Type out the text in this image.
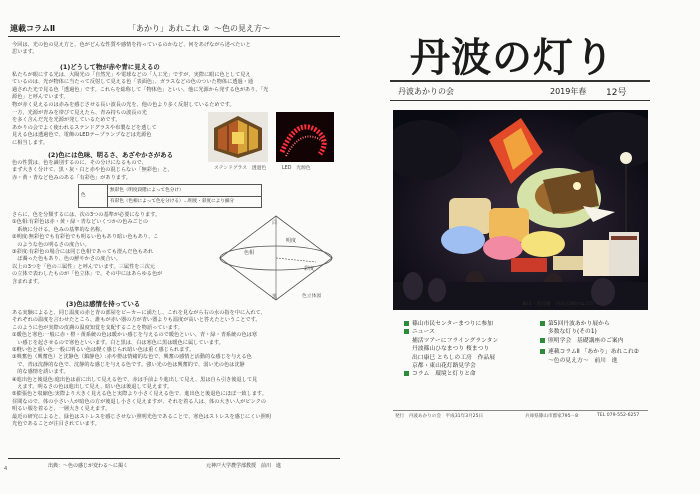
連載コラムⅡ	「あかり」あれこれ ② ～色の見え方～
今回は、光の色の見え方と、色がどんな性質や感情を持っているのかなど、何をあげながら述べたいと
思います。
(1)どうして物が赤や青に見えるの
私たちが眼にする光は、大陽光の「自然光」や電球などの「人工光」ですが、実際に眼に色として見え
ているのは、光が物体に当たって反射して見える色「表面色」、ガラスなどの色のついた物体に透過・通
過された光で見る色「透過色」です。これらを総称して「物体色」といい、他に光源から発する色があり、「光
源色」と呼んでいます。
物が赤く見えるのは赤みを感じさせる長い波長の光を、他の色より多く反射しているためです。
一方、光源が青みを帯びて見えたら、青み持ちの波長の光
を多く含んだ光を光源が発しているためです。
あかりの会でよく使われるステンドグラスや布製などを透して
見える色は透過色で、電飾のLEDテープランプなどは光源色
に相当します。
ステンドグラス　透過色	LED　光源色
(2)色には色味、明るさ、あざやかさがある
色の性質は、色を識別するのに、その分けになるもので、
まず大きく分けて、黒・灰・白と赤や色の混じらない「無彩色」と、
赤・黄・青など色みのある「有彩色」があります。
色
無彩色（明度段階によって色分け）
有彩色（色相によって色を分ける）…明度・彩度により細分
さらに、色を分類するには、次の3つの基準が必要になります。
①色相:有彩色は赤・黄・緑・青などいくつかの色みごとの
　系統に分ける。色みの基準的な名称。
②明度:無彩色でも有彩色でも明るい色もあり暗い色もあり、こ
　のような色の明るさの度合い。
③彩度:有彩色の場合には同じ色相であっても澄んだ色もあれ
　ば濁った色もあり、色の鮮やかさの度合い。
以上の3つを「色の三属性」と呼んでいます。三属性を三次元
の立体で表わしたものが「色立体」で、その中にはあらゆる色が
含まれます。
白
黒
明度
色相
彩度
色立体図
(3)色は感情を持っている
ある実験によると、同じ温度の赤と青の部屋をビーカーに満たし、これを見ながら右の水の指を中に入れて、
それぞれの温度を言わせたところ、誰もが赤い器の方が青い器よりも温度が高いと答えたということです。
このように色が実際の皮膚の温度知覚を支配することを物語っています。
①暖色と寒色:一般に赤・橙・黄系統の色は暖かい感じを与えるので暖色といい、青・緑・青系統の色は寒
　い感じを起させるので寒色といいます。白と黒は、白は寒色に黒は暖色に属しています。
②軽い色と重い色:一般に明るい色は軽く感じられ暗い色は重く感じられます。
③興奮色（興奮色）と沈静色（鎮静色）:赤や橙は情緒的な色で、興奮の感情と活動的な感じを与える色
　で、青は沈静的な色で、沈静的な感じを与える色です。強い光の色は興奮的で、弱い光の色は沈静
　的な感情を誘います。
④進出色と後退色:進出色は前に出して見える色で、赤は手前より進出して見え、黒は自ら引き後退して見
　えます。明るさの色は進出して見え、暗い色は後退して見えます。
⑤膨張色と収縮色:実際より大きく見える色と実際より小さく見える色で、進出色と後退色にほぼ一致します。
昼間なので、体の小さい人が暗色の方が後退し小さく見えますが、それを着る人は、体の大きい人がピンクの
明るい服を着ると、一層大きく見えます。
最近の研究によると、緑色はストレスを感じさせない照明光色であることで、寒色はストレスを感じにくい照明
光色であることが注目されています。
出典：～色の感じが変わる～に掲く	元神戸大学農学部教授　前川　進
4
丹波の灯り
丹波あかりの会	2019年春 12号
東山一花灯路　円山公園のねぶた
篠山市民センターまつりに参加
ニュース
捕活ツアーにフライングランタン
丹波篠山ひなまつり 桜まつり
出口康巳 とちしの工房　作品展
京都・東山花灯路見学会
コラム　環境と灯りと命
第5回丹波あかり展から
多数な灯り(その1)
照明学会　基礎講座のご案内
連載コラムⅡ 「あかり」あれこれ②
～色の見え方～　前川　進
発行　丹波あかりの会　平成31年3月25日	兵庫県篠山市郡家795－8	TEL 079-552-6257
